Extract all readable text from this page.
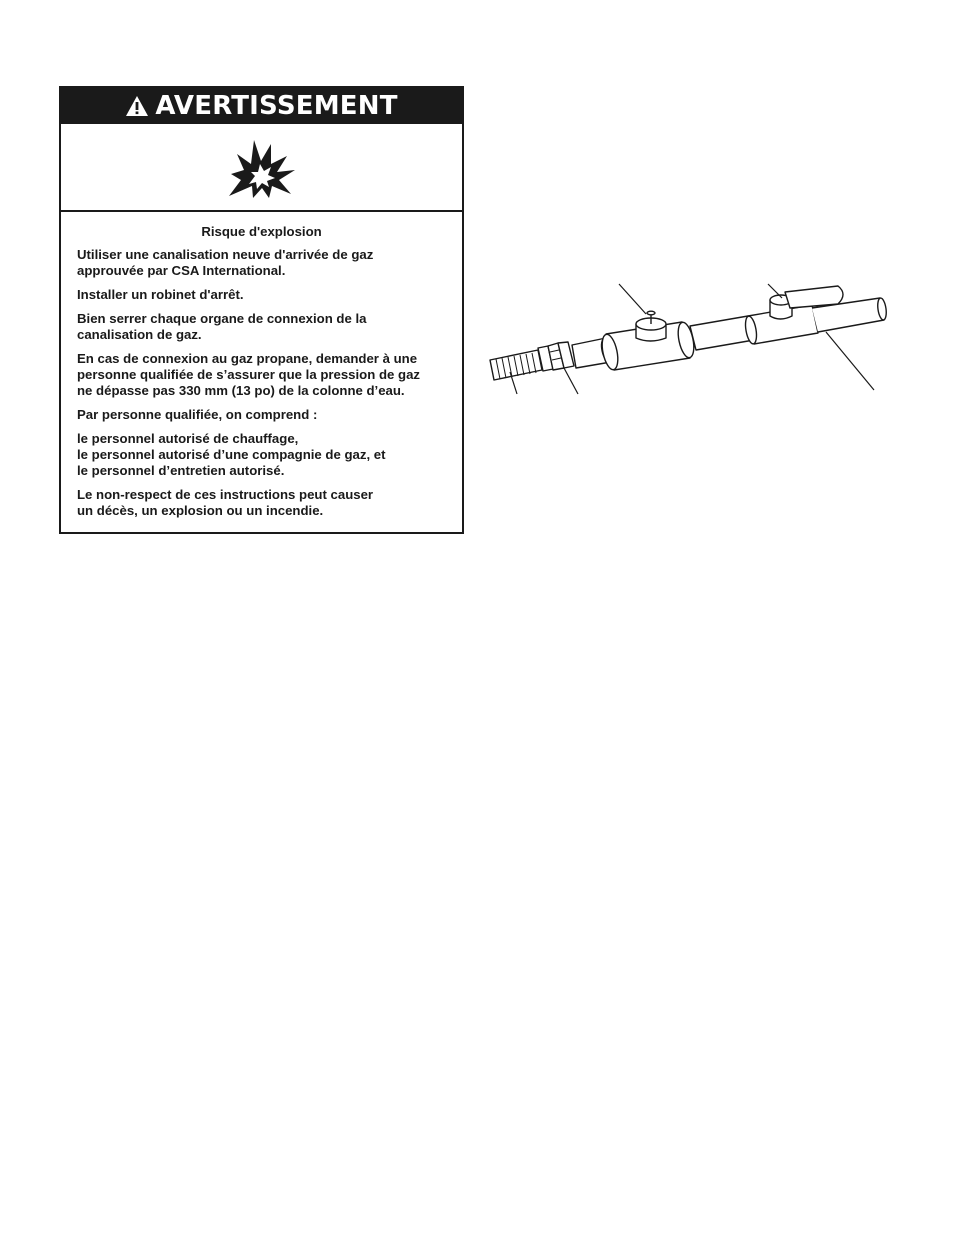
AVERTISSEMENT

Risque d'explosion

Utiliser une canalisation neuve d'arrivée de gaz
approuvée par CSA International.

Installer un robinet d'arrêt.

Bien serrer chaque organe de connexion de la
canalisation de gaz.

En cas de connexion au gaz propane, demander à une
personne qualifiée de s’assurer que la pression de gaz
ne dépasse pas 330 mm (13 po) de la colonne d’eau.

Par personne qualifiée, on comprend :

le personnel autorisé de chauffage,
le personnel autorisé d’une compagnie de gaz, et
le personnel d’entretien autorisé.

Le non-respect de ces instructions peut causer
un décès, un explosion ou un incendie.
